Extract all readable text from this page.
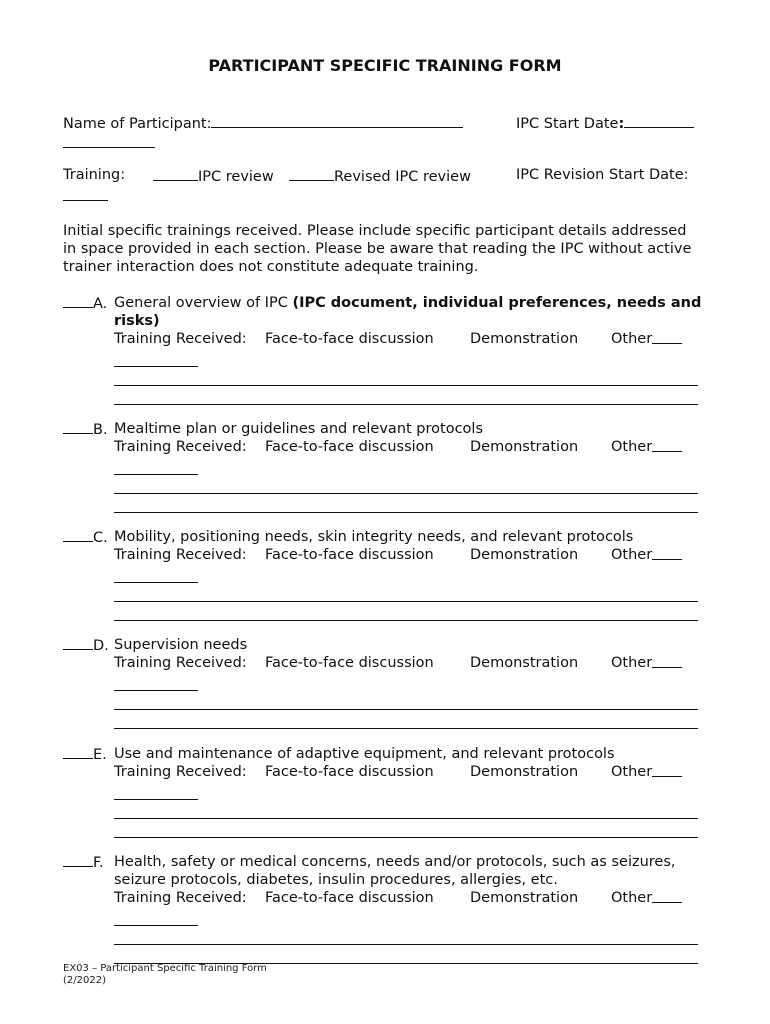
PARTICIPANT SPECIFIC TRAINING FORM
Name of Participant:	IPC Start Date:
Training:	IPC review	Revised IPC review	IPC Revision Start Date:
Initial specific trainings received. Please include specific participant details addressed in space provided in each section. Please be aware that reading the IPC without active trainer interaction does not constitute adequate training.
A. General overview of IPC (IPC document, individual preferences, needs and risks)
Training Received: Face-to-face discussion	Demonstration Other
B. Mealtime plan or guidelines and relevant protocols
Training Received: Face-to-face discussion	Demonstration Other
C. Mobility, positioning needs, skin integrity needs, and relevant protocols
Training Received: Face-to-face discussion	Demonstration Other
D. Supervision needs
Training Received: Face-to-face discussion	Demonstration Other
E. Use and maintenance of adaptive equipment, and relevant protocols
Training Received: Face-to-face discussion	Demonstration Other
F. Health, safety or medical concerns, needs and/or protocols, such as seizures, seizure protocols, diabetes, insulin procedures, allergies, etc.
Training Received: Face-to-face discussion	Demonstration Other
EX03 – Participant Specific Training Form
(2/2022)
